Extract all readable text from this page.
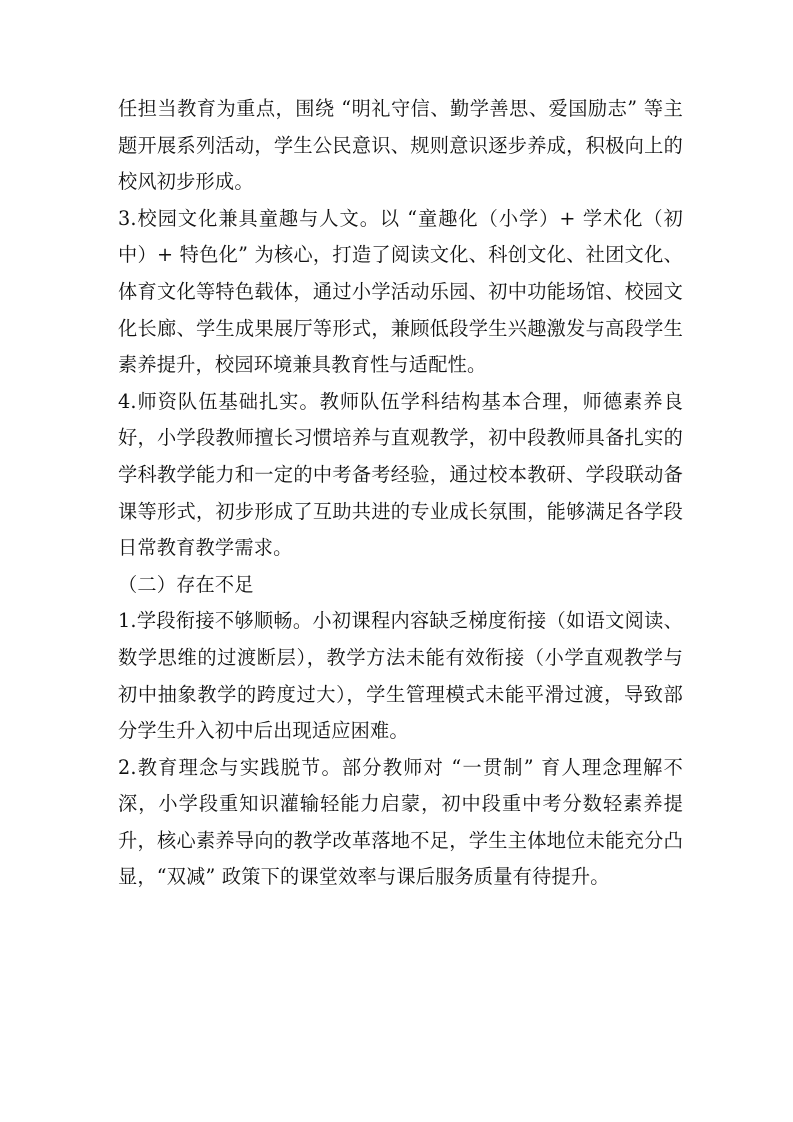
任担当教育为重点，围绕 “明礼守信、勤学善思、爱国励志” 等主题开展系列活动，学生公民意识、规则意识逐步养成，积极向上的校风初步形成。

3.校园文化兼具童趣与人文。以 “童趣化（小学）+ 学术化（初中）+ 特色化” 为核心，打造了阅读文化、科创文化、社团文化、体育文化等特色载体，通过小学活动乐园、初中功能场馆、校园文化长廊、学生成果展厅等形式，兼顾低段学生兴趣激发与高段学生素养提升，校园环境兼具教育性与适配性。

4.师资队伍基础扎实。教师队伍学科结构基本合理，师德素养良好，小学段教师擅长习惯培养与直观教学，初中段教师具备扎实的学科教学能力和一定的中考备考经验，通过校本教研、学段联动备课等形式，初步形成了互助共进的专业成长氛围，能够满足各学段日常教育教学需求。

（二）存在不足

1.学段衔接不够顺畅。小初课程内容缺乏梯度衔接（如语文阅读、数学思维的过渡断层），教学方法未能有效衔接（小学直观教学与初中抽象教学的跨度过大），学生管理模式未能平滑过渡，导致部分学生升入初中后出现适应困难。

2.教育理念与实践脱节。部分教师对 “一贯制” 育人理念理解不深，小学段重知识灌输轻能力启蒙，初中段重中考分数轻素养提升，核心素养导向的教学改革落地不足，学生主体地位未能充分凸显，“双减” 政策下的课堂效率与课后服务质量有待提升。
